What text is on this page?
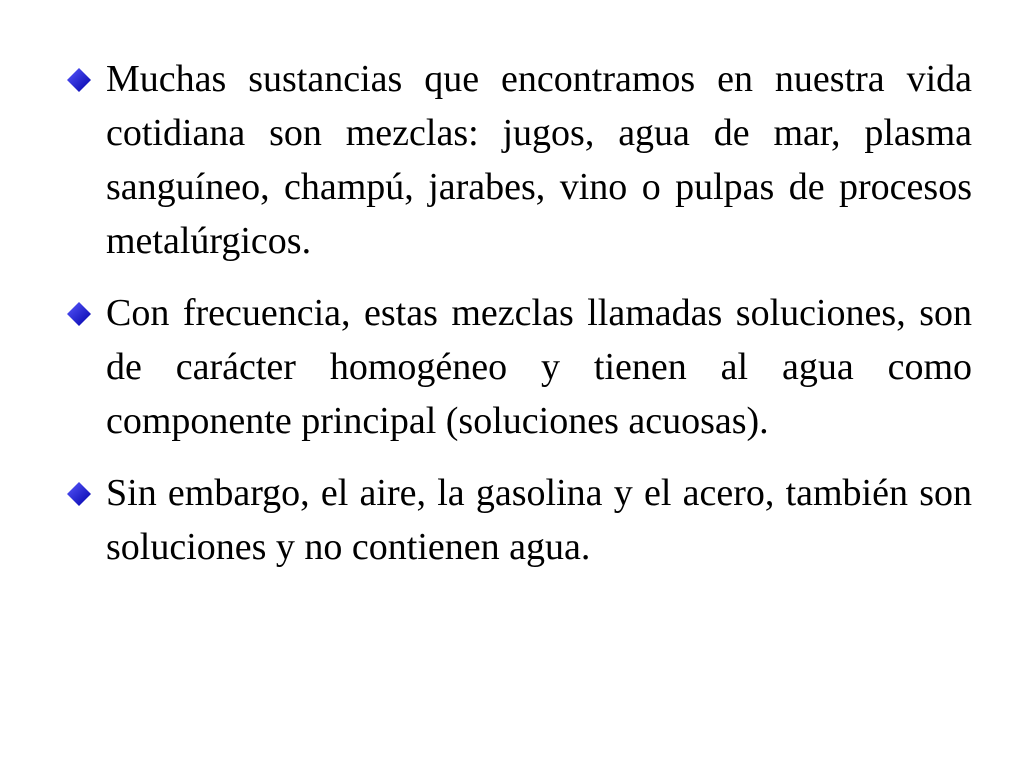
Muchas sustancias que encontramos en nuestra vida cotidiana son mezclas: jugos, agua de mar, plasma sanguíneo, champú, jarabes, vino o pulpas de procesos metalúrgicos.
Con frecuencia, estas mezclas llamadas soluciones, son de carácter homogéneo y tienen al agua como componente principal (soluciones acuosas).
Sin embargo, el aire, la gasolina y el acero, también son soluciones y no contienen agua.
